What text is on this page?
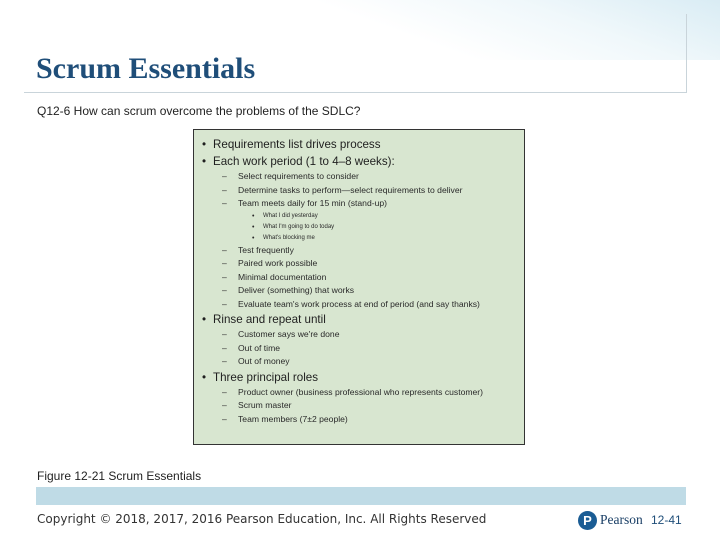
Scrum Essentials
Q12-6 How can scrum overcome the problems of the SDLC?
• Requirements list drives process
• Each work period (1 to 4–8 weeks):
– Select requirements to consider
– Determine tasks to perform—select requirements to deliver
– Team meets daily for 15 min (stand-up)
• What I did yesterday
• What I'm going to do today
• What's blocking me
– Test frequently
– Paired work possible
– Minimal documentation
– Deliver (something) that works
– Evaluate team's work process at end of period (and say thanks)
• Rinse and repeat until
– Customer says we're done
– Out of time
– Out of money
• Three principal roles
– Product owner (business professional who represents customer)
– Scrum master
– Team members (7±2 people)
Figure 12-21 Scrum Essentials
Copyright © 2018, 2017, 2016 Pearson Education, Inc. All Rights Reserved	P Pearson 12-41
